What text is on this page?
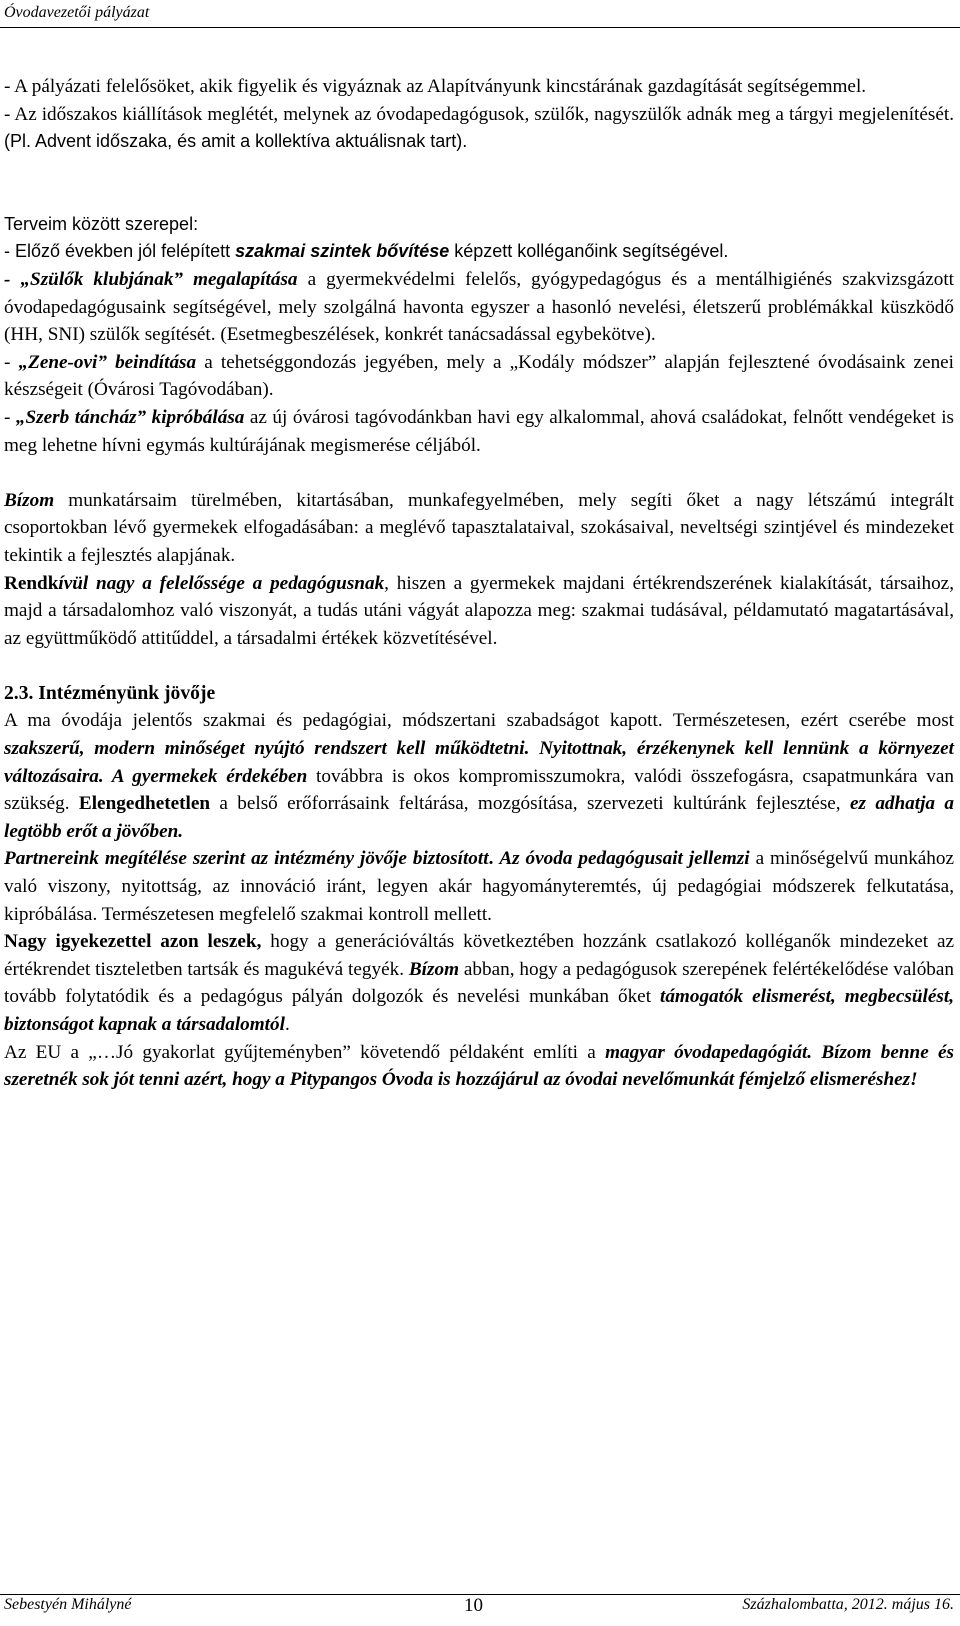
Óvodavezetői pályázat

- A pályázati felelősöket, akik figyelik és vigyáznak az Alapítványunk kincstárának gazdagítását segítségemmel.

- Az időszakos kiállítások meglétét, melynek az óvodapedagógusok, szülők, nagyszülők adnák meg a tárgyi megjelenítését. (Pl. Advent időszaka, és amit a kollektíva aktuálisnak tart).

Terveim között szerepel:

- Előző években jól felépített szakmai szintek bővítése képzett kolléganőink segítségével.

- „Szülők klubjának” megalapítása a gyermekvédelmi felelős, gyógypedagógus és a mentálhigiénés szakvizsgázott óvodapedagógusaink segítségével, mely szolgálná havonta egyszer a hasonló nevelési, életszerű problémákkal küszködő (HH, SNI) szülők segítését. (Esetmegbeszélések, konkrét tanácsadással egybekötve).

- „Zene-ovi” beindítása a tehetséggondozás jegyében, mely a „Kodály módszer” alapján fejlesztené óvodásaink zenei készségeit (Óvárosi Tagóvodában).

- „Szerb táncház” kipróbálása az új óvárosi tagóvodánkban havi egy alkalommal, ahová családokat, felnőtt vendégeket is meg lehetne hívni egymás kultúrájának megismerése céljából.

Bízom munkatársaim türelmében, kitartásában, munkafegyelmében, mely segíti őket a nagy létszámú integrált csoportokban lévő gyermekek elfogadásában: a meglévő tapasztalataival, szokásaival, neveltségi szintjével és mindezeket tekintik a fejlesztés alapjának.

Rendkívül nagy a felelőssége a pedagógusnak, hiszen a gyermekek majdani értékrendszerének kialakítását, társaihoz, majd a társadalomhoz való viszonyát, a tudás utáni vágyát alapozza meg: szakmai tudásával, példamutató magatartásával, az együttműködő attitűddel, a társadalmi értékek közvetítésével.

2.3. Intézményünk jövője

A ma óvodája jelentős szakmai és pedagógiai, módszertani szabadságot kapott. Természetesen, ezért cserébe most szakszerű, modern minőséget nyújtó rendszert kell működtetni. Nyitottnak, érzékenynek kell lennünk a környezet változásaira. A gyermekek érdekében továbbra is okos kompromisszumokra, valódi összefogásra, csapatmunkára van szükség. Elengedhetetlen a belső erőforrásaink feltárása, mozgósítása, szervezeti kultúránk fejlesztése, ez adhatja a legtöbb erőt a jövőben.

Partnereink megítélése szerint az intézmény jövője biztosított. Az óvoda pedagógusait jellemzi a minőségelvű munkához való viszony, nyitottság, az innováció iránt, legyen akár hagyományteremtés, új pedagógiai módszerek felkutatása, kipróbálása. Természetesen megfelelő szakmai kontroll mellett.

Nagy igyekezettel azon leszek, hogy a generációváltás következtében hozzánk csatlakozó kolléganők mindezeket az értékrendet tiszteletben tartsák és magukévá tegyék. Bízom abban, hogy a pedagógusok szerepének felértékelődése valóban tovább folytatódik és a pedagógus pályán dolgozók és nevelési munkában őket támogatók elismerést, megbecsülést, biztonságot kapnak a társadalomtól.

Az EU a „…Jó gyakorlat gyűjteményben” követendő példaként említi a magyar óvodapedagógiát. Bízom benne és szeretnék sok jót tenni azért, hogy a Pitypangos Óvoda is hozzájárul az óvodai nevelőmunkát fémjelző elismeréshez!

Sebestyén Mihályné	10	Százhalombatta, 2012. május 16.
